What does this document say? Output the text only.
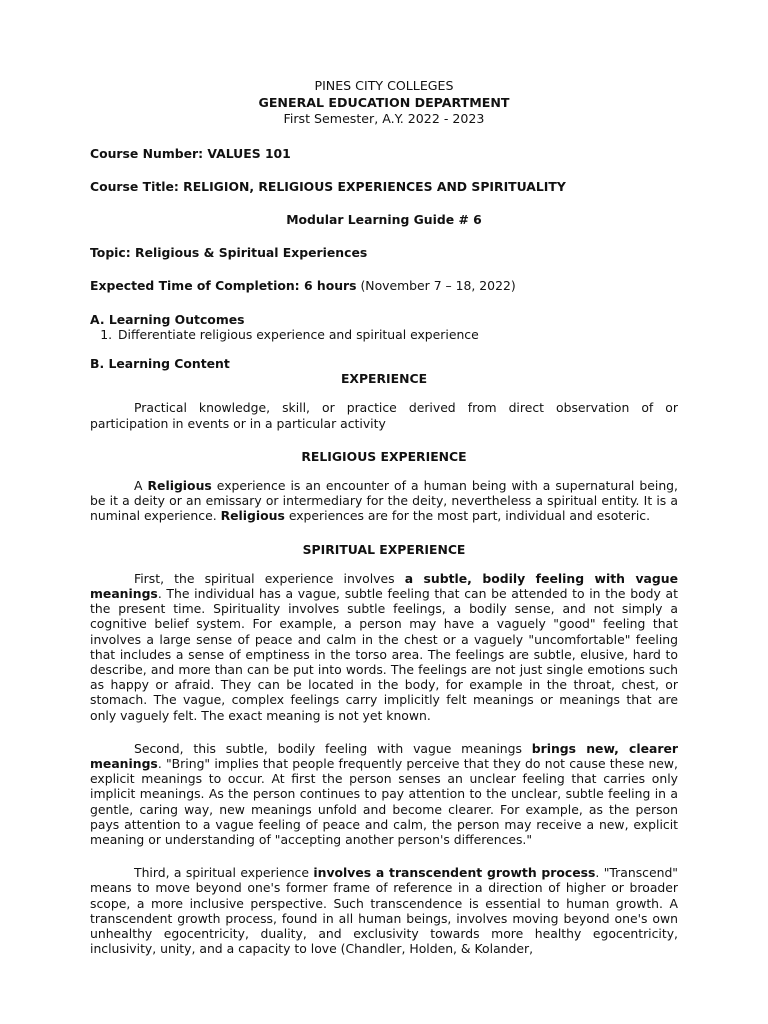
PINES CITY COLLEGES
GENERAL EDUCATION DEPARTMENT
First Semester, A.Y. 2022 - 2023
Course Number: VALUES 101
Course Title: RELIGION, RELIGIOUS EXPERIENCES AND SPIRITUALITY
Modular Learning Guide # 6
Topic: Religious & Spiritual Experiences
Expected Time of Completion: 6 hours (November 7 – 18, 2022)
A. Learning Outcomes
1. Differentiate religious experience and spiritual experience
B. Learning Content
EXPERIENCE

Practical knowledge, skill, or practice derived from direct observation of or participation in events or in a particular activity

RELIGIOUS EXPERIENCE

A Religious experience is an encounter of a human being with a supernatural being, be it a deity or an emissary or intermediary for the deity, nevertheless a spiritual entity. It is a numinal experience. Religious experiences are for the most part, individual and esoteric.

SPIRITUAL EXPERIENCE

First, the spiritual experience involves a subtle, bodily feeling with vague meanings. The individual has a vague, subtle feeling that can be attended to in the body at the present time. Spirituality involves subtle feelings, a bodily sense, and not simply a cognitive belief system. For example, a person may have a vaguely "good" feeling that involves a large sense of peace and calm in the chest or a vaguely "uncomfortable" feeling that includes a sense of emptiness in the torso area. The feelings are subtle, elusive, hard to describe, and more than can be put into words. The feelings are not just single emotions such as happy or afraid. They can be located in the body, for example in the throat, chest, or stomach. The vague, complex feelings carry implicitly felt meanings or meanings that are only vaguely felt. The exact meaning is not yet known.

Second, this subtle, bodily feeling with vague meanings brings new, clearer meanings. "Bring" implies that people frequently perceive that they do not cause these new, explicit meanings to occur. At first the person senses an unclear feeling that carries only implicit meanings. As the person continues to pay attention to the unclear, subtle feeling in a gentle, caring way, new meanings unfold and become clearer. For example, as the person pays attention to a vague feeling of peace and calm, the person may receive a new, explicit meaning or understanding of "accepting another person's differences."

Third, a spiritual experience involves a transcendent growth process. "Transcend" means to move beyond one's former frame of reference in a direction of higher or broader scope, a more inclusive perspective. Such transcendence is essential to human growth. A transcendent growth process, found in all human beings, involves moving beyond one's own unhealthy egocentricity, duality, and exclusivity towards more healthy egocentricity, inclusivity, unity, and a capacity to love (Chandler, Holden, & Kolander,
